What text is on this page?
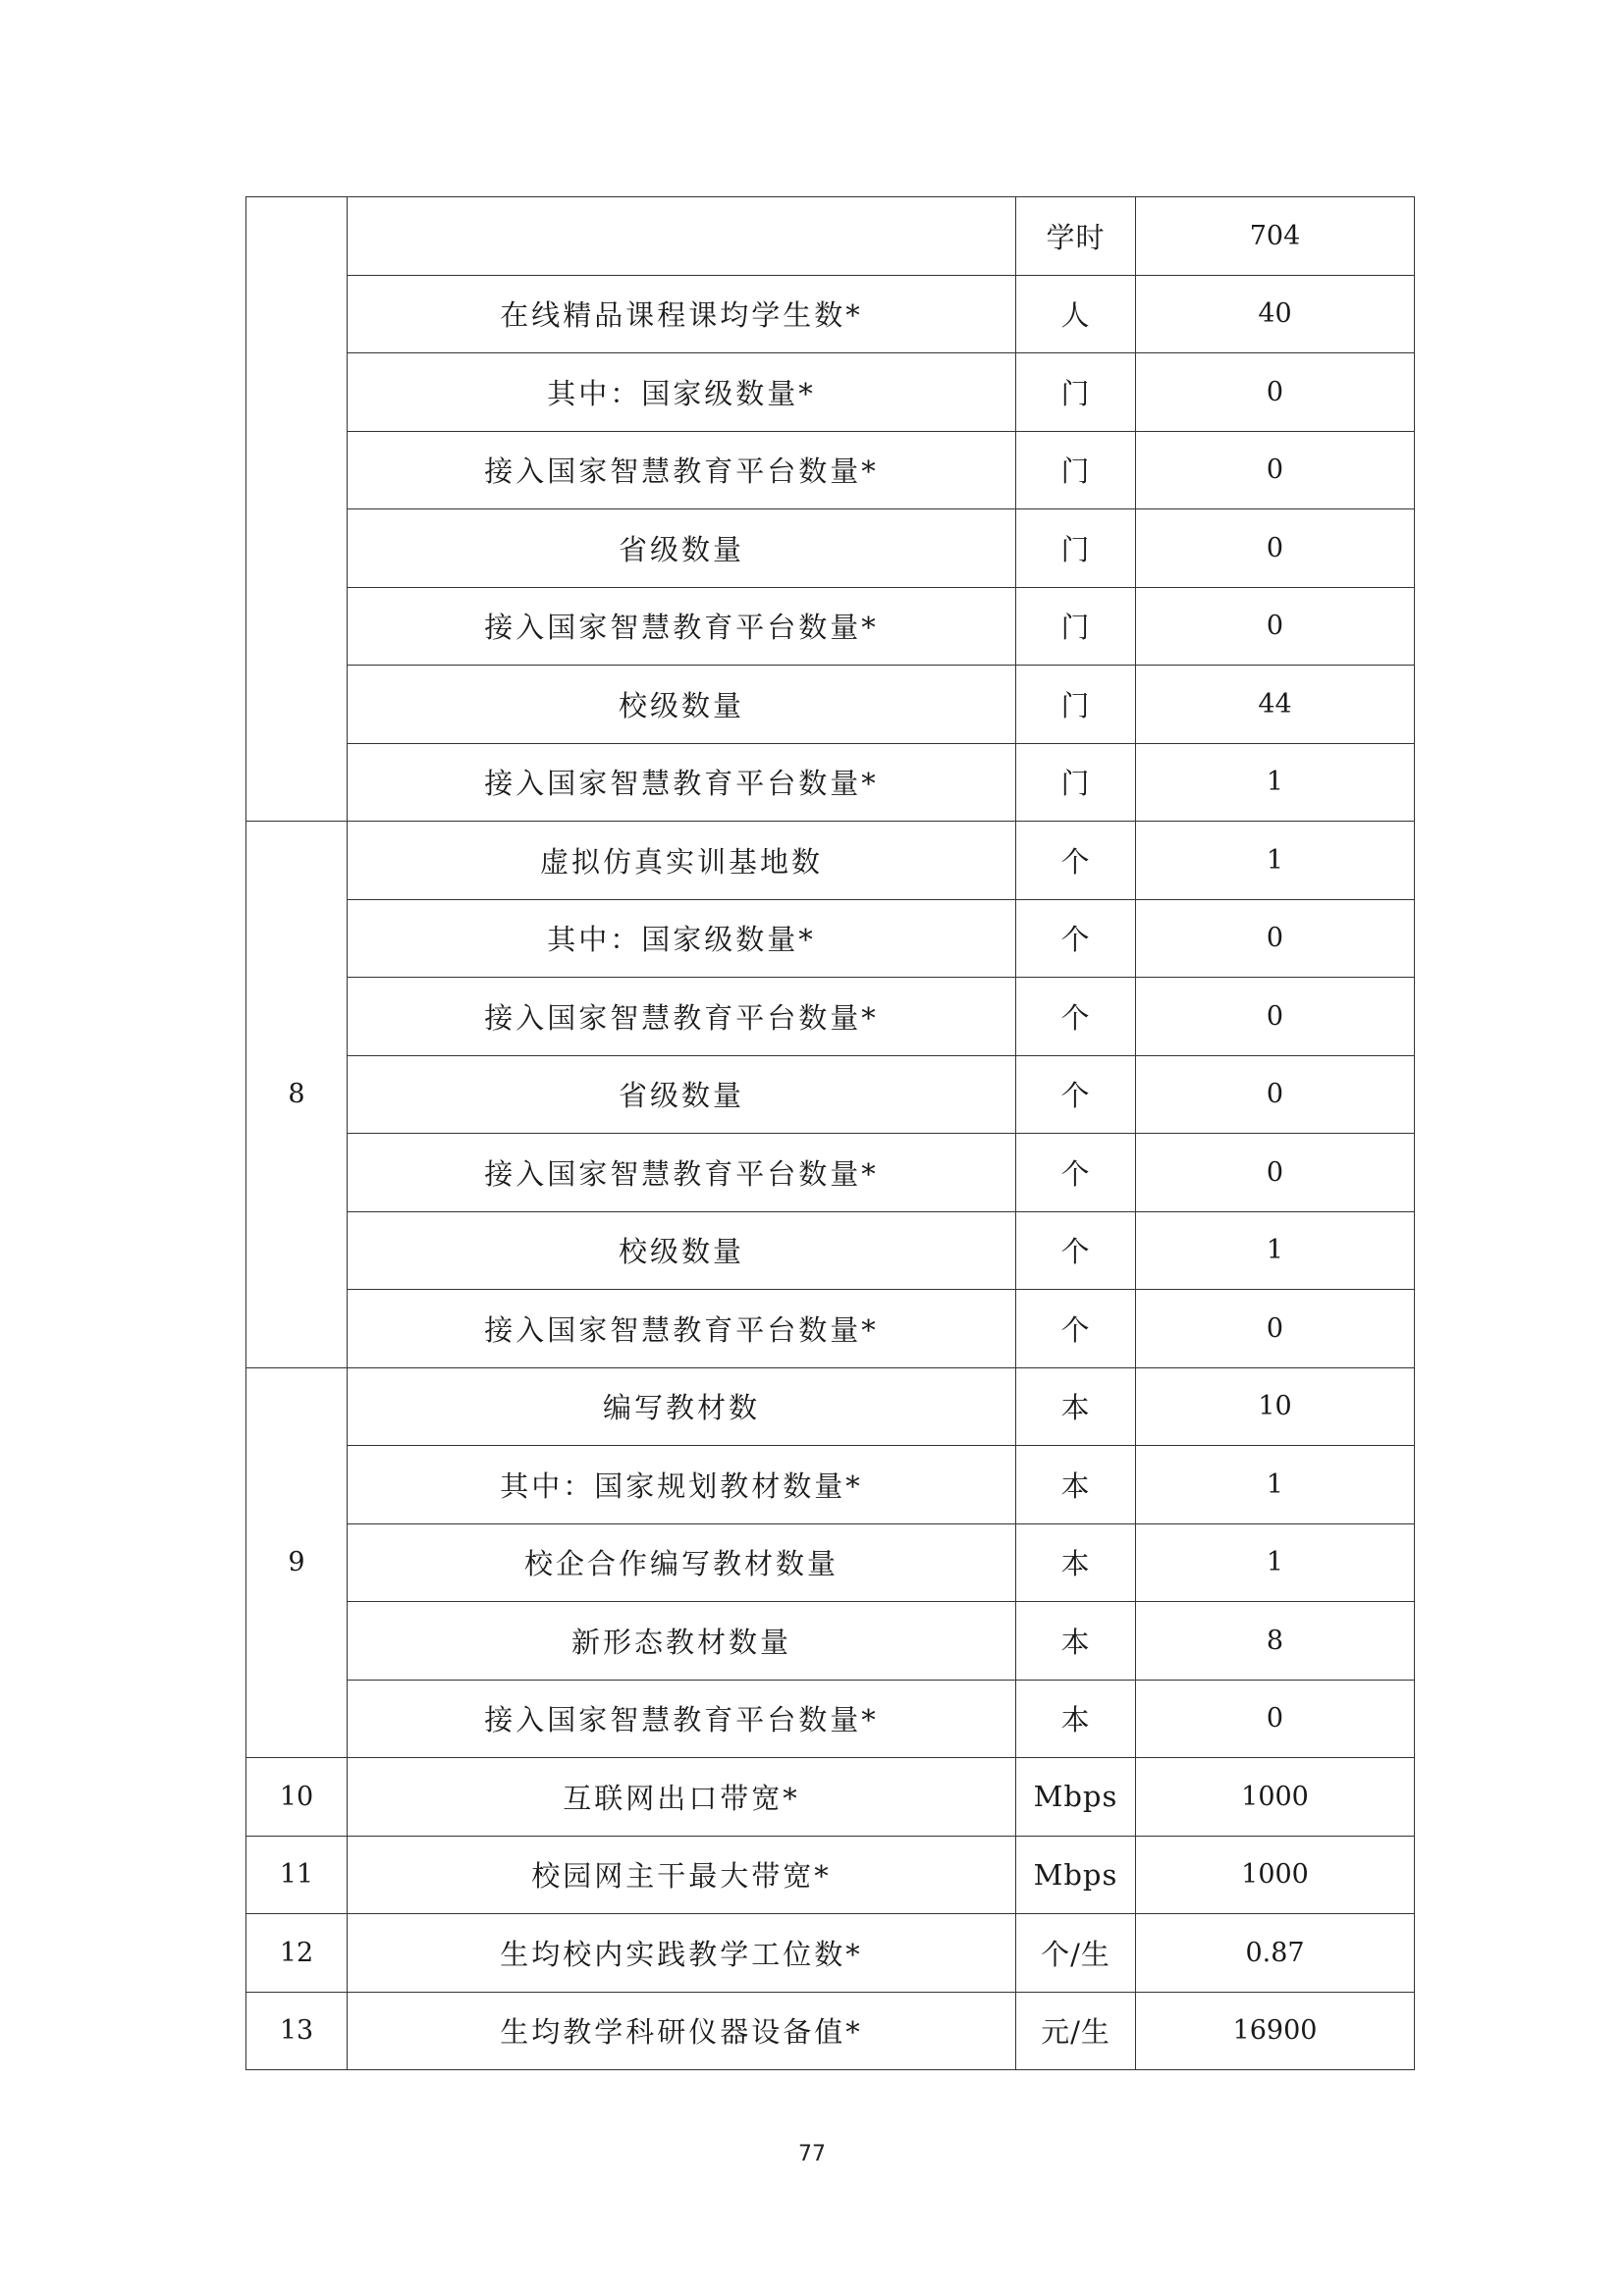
		学时	704
	在线精品课程课均学生数*	人	40
	其中：国家级数量*	门	0
	接入国家智慧教育平台数量*	门	0
	省级数量	门	0
	接入国家智慧教育平台数量*	门	0
	校级数量	门	44
	接入国家智慧教育平台数量*	门	1
8	虚拟仿真实训基地数	个	1
	其中：国家级数量*	个	0
	接入国家智慧教育平台数量*	个	0
	省级数量	个	0
	接入国家智慧教育平台数量*	个	0
	校级数量	个	1
	接入国家智慧教育平台数量*	个	0
9	编写教材数	本	10
	其中：国家规划教材数量*	本	1
	校企合作编写教材数量	本	1
	新形态教材数量	本	8
	接入国家智慧教育平台数量*	本	0
10	互联网出口带宽*	Mbps	1000
11	校园网主干最大带宽*	Mbps	1000
12	生均校内实践教学工位数*	个/生	0.87
13	生均教学科研仪器设备值*	元/生	16900
77
